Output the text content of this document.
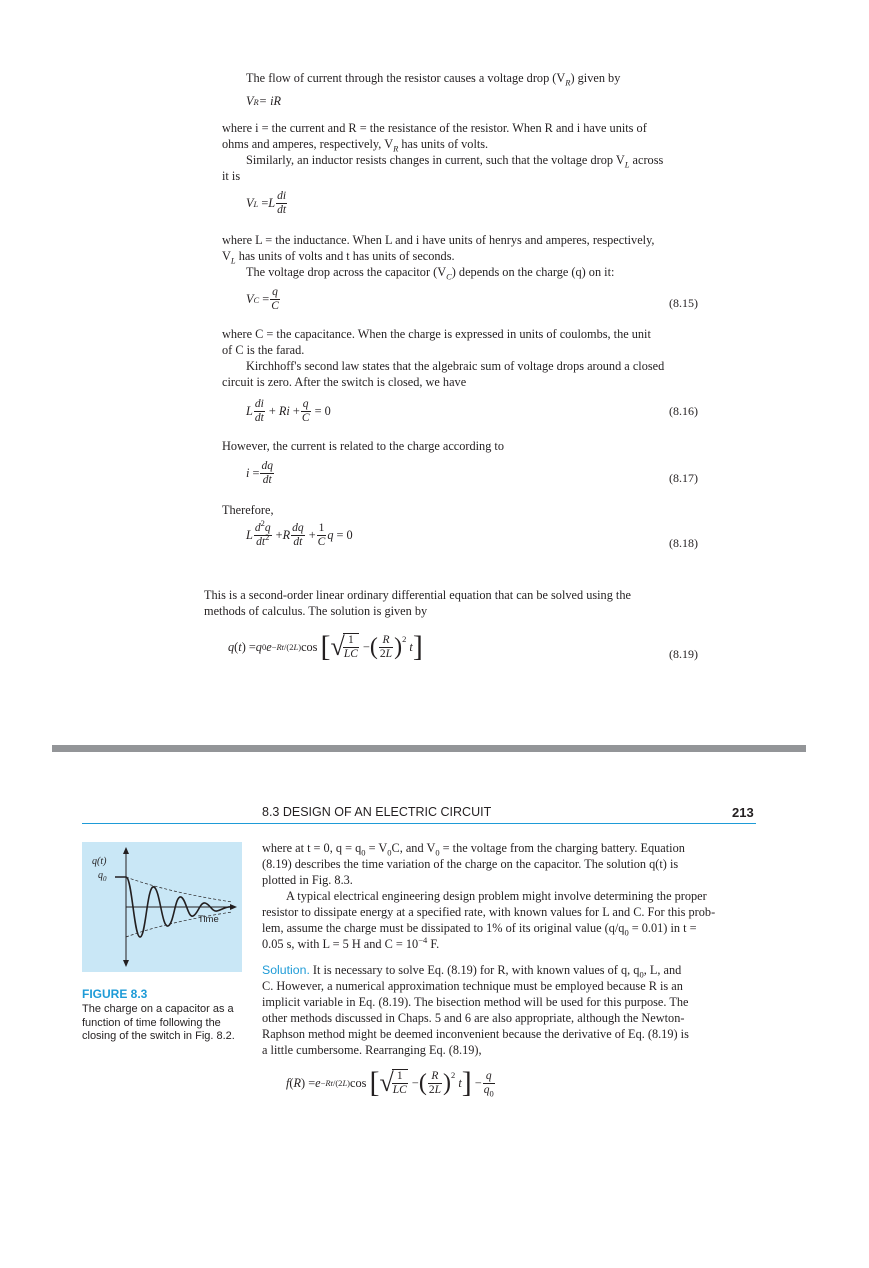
The flow of current through the resistor causes a voltage drop $(V_R)$ given by

V R = iR

where i = the current and R = the resistance of the resistor. When R and i have units of

ohms and amperes, respectively, $V_R$ has units of volts.

Similarly, an inductor resists changes in current, such that the voltage drop $V_L$ across

it is

V L = L $\frac{di}{dt}$

where L = the inductance. When L and i have units of henrys and amperes, respectively,

$V_L$ has units of volts and t has units of seconds.

The voltage drop across the capacitor $(V_C)$ depends on the charge (q) on it:

V $C = \frac{q}{C}$	(8.15)

where C = the capacitance. When the charge is expressed in units of coulombs, the unit

of C is the farad.

Kirchhoff's second law states that the algebraic sum of voltage drops around a closed

circuit is zero. After the switch is closed, we have

L $\frac{di}{dt} + Ri + \frac{q}{C} = 0$	(8.16)

However, the current is related to the charge according to

$i = \frac{dq}{dt}$	(8.17)

Therefore,

L $\frac{d^2q}{dt^2} + R \frac{dq}{dt} + \frac{1}{C}$ q = 0
(8.18)

This is a second-order linear ordinary differential equation that can be solved using the

methods of calculus. The solution is given by

q ( t ) = q 0 e −Rt/(2L) cos [ √
$\frac{1}{LC}$ − ( $\frac{R}{2L} )^2$

t ]	(8.19)
8.3 DESIGN OF AN ELECTRIC CIRCUIT	213
q(t)
$q_0$
Time
FIGURE 8.3
The charge on a capacitor as a function of time following the closing of the switch in Fig. 8.2.

where at t = 0, $q = q_0 = V_0C$, and $V_0$ = the voltage from the charging battery. Equation

(8.19) describes the time variation of the charge on the capacitor. The solution q(t) is

plotted in Fig. 8.3.

A typical electrical engineering design problem might involve determining the proper

resistor to dissipate energy at a specified rate, with known values for L and C. For this prob-

lem, assume the charge must be dissipated to 1% of its original value $(q/q_0 = 0.01)$ in t =

0.05 s, with L = 5 H and $C = 10^{-4}$ F.

Solution. It is necessary to solve Eq. (8.19) for R, with known values of q, $q_0$, L, and

C. However, a numerical approximation technique must be employed because R is an

implicit variable in Eq. (8.19). The bisection method will be used for this purpose. The

other methods discussed in Chaps. 5 and 6 are also appropriate, although the Newton-

Raphson method might be deemed inconvenient because the derivative of Eq. (8.19) is

a little cumbersome. Rearranging Eq. (8.19),

f ( R ) = e −Rt/(2L) cos [ √
$\frac{1}{LC}$ − ( $\frac{R}{2L} )^2$

t ] − $\frac{q}{q_0}$
